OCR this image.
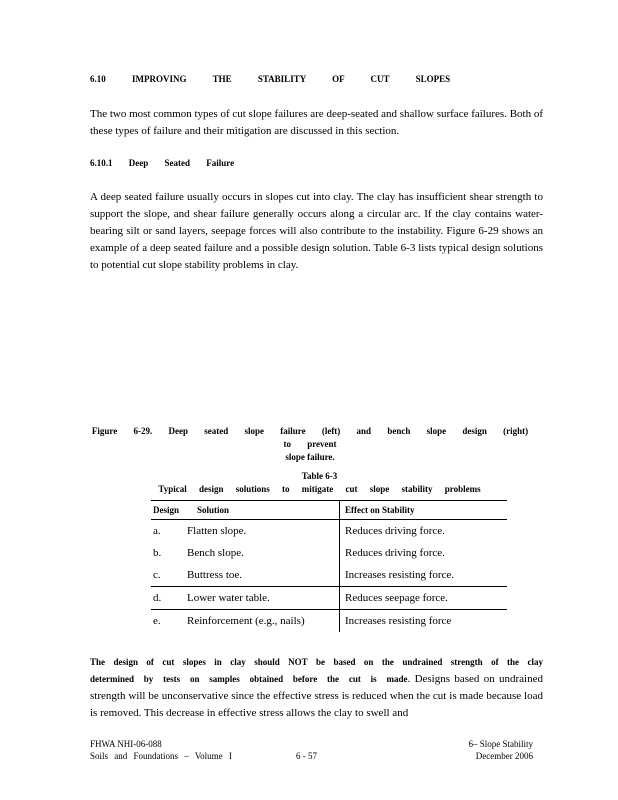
6.10 IMPROVING THE STABILITY OF CUT SLOPES
The two most common types of cut slope failures are deep-seated and shallow surface failures. Both of these types of failure and their mitigation are discussed in this section.
6.10.1 Deep Seated Failure
A deep seated failure usually occurs in slopes cut into clay. The clay has insufficient shear strength to support the slope, and shear failure generally occurs along a circular arc. If the clay contains water-bearing silt or sand layers, seepage forces will also contribute to the instability. Figure 6-29 shows an example of a deep seated failure and a possible design solution. Table 6-3 lists typical design solutions to potential cut slope stability problems in clay.
Figure 6-29. Deep seated slope failure (left) and bench slope design (right) to prevent
slope failure.
Table 6-3
Typical design solutions to mitigate cut slope stability problems
Design	Solution	Effect on Stability
a.	Flatten slope.	Reduces driving force.
b.	Bench slope.	Reduces driving force.
c.	Buttress toe.	Increases resisting force.
d.	Lower water table.	Reduces seepage force.
e.	Reinforcement (e.g., nails)	Increases resisting force
The design of cut slopes in clay should NOT be based on the undrained strength of the clay determined by tests on samples obtained before the cut is made. Designs based on undrained strength will be unconservative since the effective stress is reduced when the cut is made because load is removed. This decrease in effective stress allows the clay to swell and
FHWA NHI-06-088
Soils and Foundations – Volume I	6 - 57
6– Slope Stability
December 2006
